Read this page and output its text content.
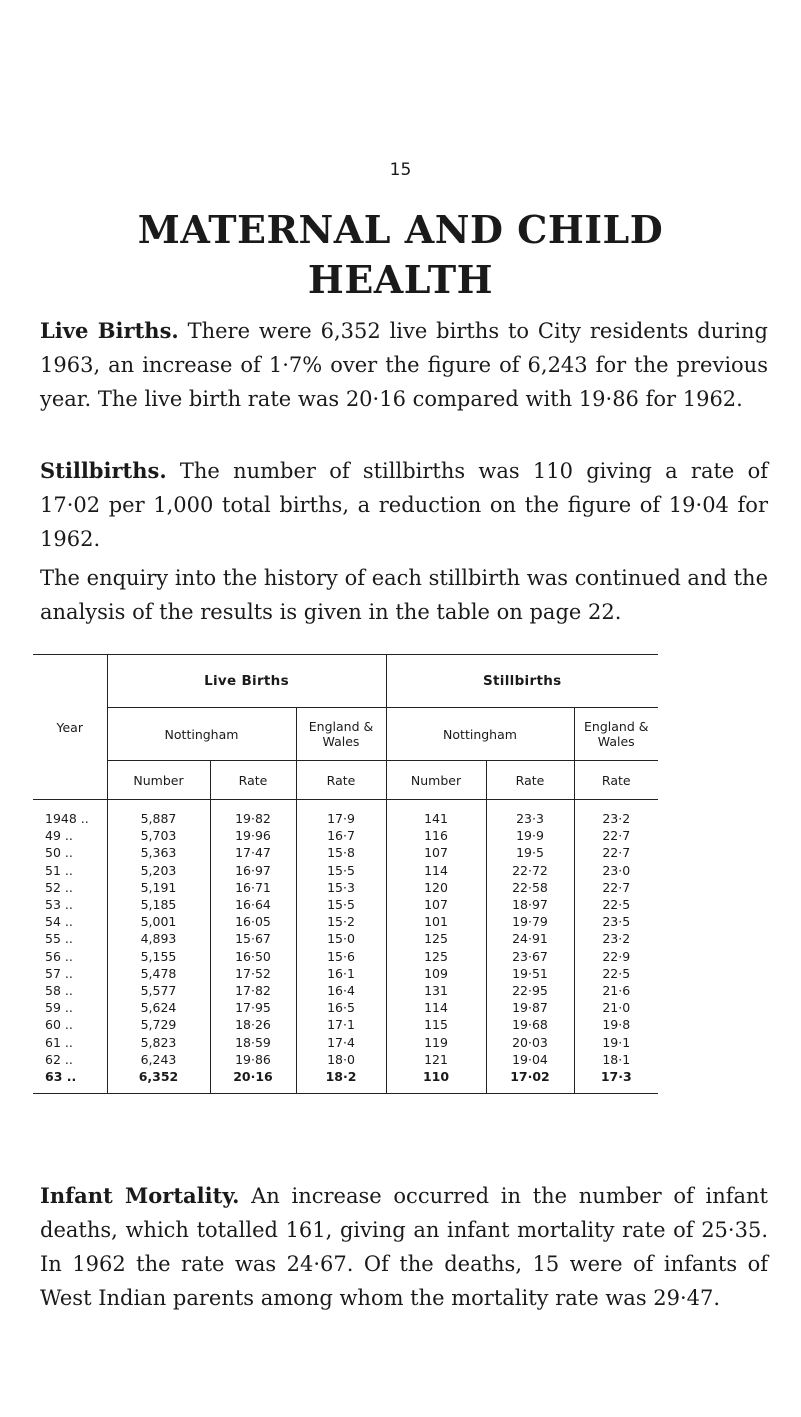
15
MATERNAL AND CHILD
HEALTH

Live Births. There were 6,352 live births to City residents during 1963, an increase of 1·7% over the figure of 6,243 for the previous year. The live birth rate was 20·16 compared with 19·86 for 1962.

Stillbirths. The number of stillbirths was 110 giving a rate of 17·02 per 1,000 total births, a reduction on the figure of 19·04 for 1962.

The enquiry into the history of each stillbirth was continued and the analysis of the results is given in the table on page 22.

Year	Live Births			Stillbirths		
	Nottingham		England & Wales	Nottingham		England & Wales
	Number	Rate	Rate	Number	Rate	Rate
1948 ..	5,887	19·82	17·9	141	23·3	23·2
49 ..	5,703	19·96	16·7	116	19·9	22·7
50 ..	5,363	17·47	15·8	107	19·5	22·7
51 ..	5,203	16·97	15·5	114	22·72	23·0
52 ..	5,191	16·71	15·3	120	22·58	22·7
53 ..	5,185	16·64	15·5	107	18·97	22·5
54 ..	5,001	16·05	15·2	101	19·79	23·5
55 ..	4,893	15·67	15·0	125	24·91	23·2
56 ..	5,155	16·50	15·6	125	23·67	22·9
57 ..	5,478	17·52	16·1	109	19·51	22·5
58 ..	5,577	17·82	16·4	131	22·95	21·6
59 ..	5,624	17·95	16·5	114	19·87	21·0
60 ..	5,729	18·26	17·1	115	19·68	19·8
61 ..	5,823	18·59	17·4	119	20·03	19·1
62 ..	6,243	19·86	18·0	121	19·04	18·1
63 ..	6,352	20·16	18·2	110	17·02	17·3

Infant Mortality. An increase occurred in the number of infant deaths, which totalled 161, giving an infant mortality rate of 25·35. In 1962 the rate was 24·67. Of the deaths, 15 were of infants of West Indian parents among whom the mortality rate was 29·47.
